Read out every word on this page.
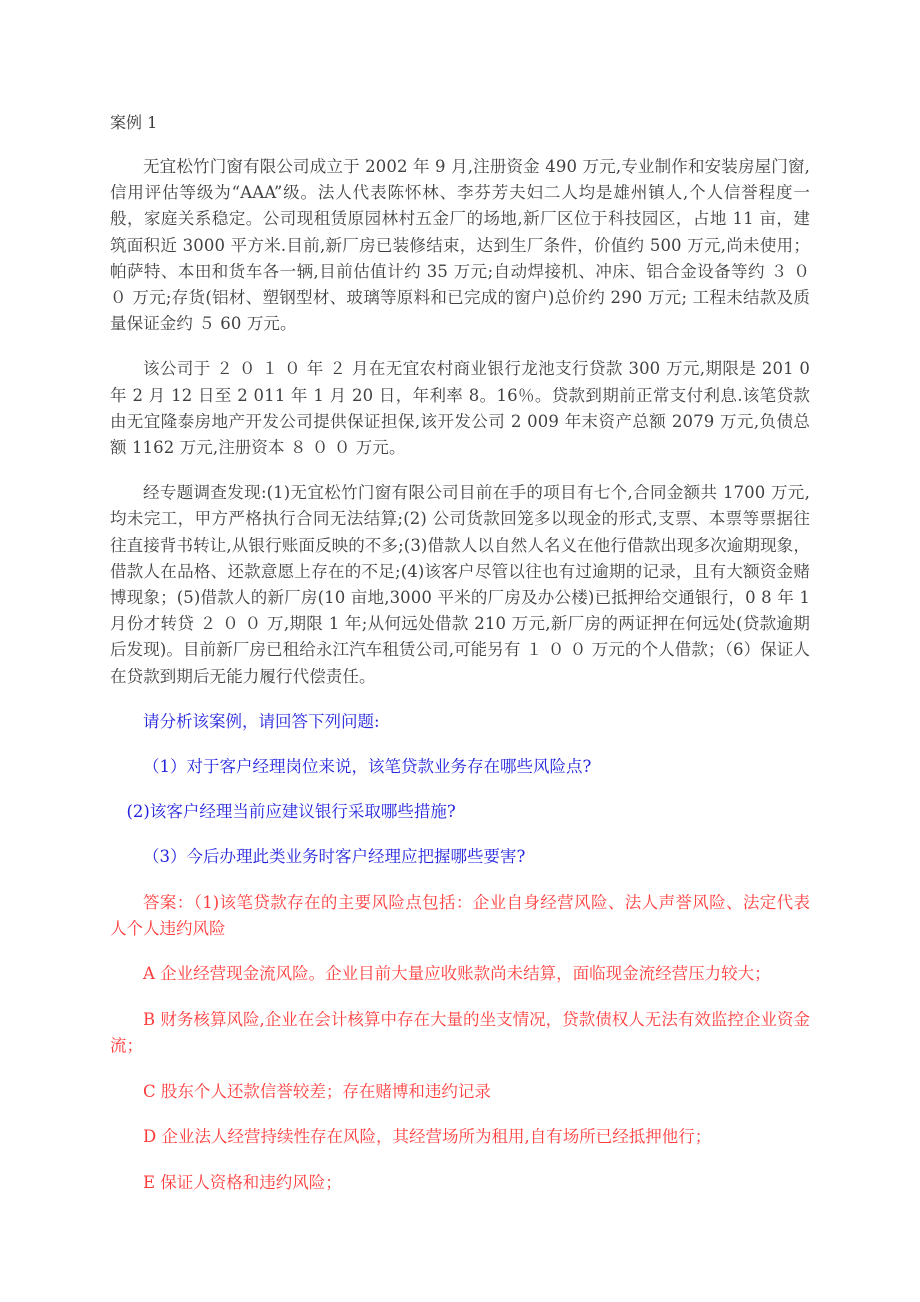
案例 1
无宜松竹门窗有限公司成立于 2002 年 9 月,注册资金 490 万元,专业制作和安装房屋门窗,信用评估等级为“AAA”级。法人代表陈怀林、李芬芳夫妇二人均是雄州镇人,个人信誉程度一般，家庭关系稳定。公司现租赁原园林村五金厂的场地,新厂区位于科技园区，占地 11 亩，建筑面积近 3000 平方米.目前,新厂房已装修结束，达到生厂条件，价值约 500 万元,尚未使用；帕萨特、本田和货车各一辆,目前估值计约 35 万元;自动焊接机、冲床、铝合金设备等约 ３ ０ ０ 万元;存货(铝材、塑钢型材、玻璃等原料和已完成的窗户)总价约 290 万元; 工程未结款及质量保证金约 ５ 60 万元。
该公司于 ２ ０ １ ０ 年 ２ 月在无宜农村商业银行龙池支行贷款 300 万元,期限是 201 0 年 2 月 12 日至 2 011 年 1 月 20 日，年利率 8。16％。贷款到期前正常支付利息.该笔贷款由无宜隆泰房地产开发公司提供保证担保,该开发公司 2 009 年末资产总额 2079 万元,负债总额 1162 万元,注册资本 ８ ０ ０ 万元。
经专题调查发现:(1)无宜松竹门窗有限公司目前在手的项目有七个,合同金额共 1700 万元,均未完工，甲方严格执行合同无法结算;(2) 公司货款回笼多以现金的形式,支票、本票等票据往往直接背书转让,从银行账面反映的不多;(3)借款人以自然人名义在他行借款出现多次逾期现象，借款人在品格、还款意愿上存在的不足;(4)该客户尽管以往也有过逾期的记录，且有大额资金赌博现象；(5)借款人的新厂房(10 亩地,3000 平米的厂房及办公楼)已抵押给交通银行，0 8 年 1 月份才转贷 ２ ０ ０ 万,期限 1 年;从何远处借款 210 万元,新厂房的两证押在何远处(贷款逾期后发现)。目前新厂房已租给永江汽车租赁公司,可能另有 １ ０ ０ 万元的个人借款；（6）保证人在贷款到期后无能力履行代偿责任。
请分析该案例，请回答下列问题:
（1）对于客户经理岗位来说，该笔贷款业务存在哪些风险点?
(2)该客户经理当前应建议银行采取哪些措施?
（3）今后办理此类业务时客户经理应把握哪些要害?
答案：（1)该笔贷款存在的主要风险点包括：企业自身经营风险、法人声誉风险、法定代表人个人违约风险
A 企业经营现金流风险。企业目前大量应收账款尚未结算，面临现金流经营压力较大；
B 财务核算风险,企业在会计核算中存在大量的坐支情况，贷款债权人无法有效监控企业资金流；
C 股东个人还款信誉较差；存在赌博和违约记录
D 企业法人经营持续性存在风险，其经营场所为租用,自有场所已经抵押他行；
E 保证人资格和违约风险；
